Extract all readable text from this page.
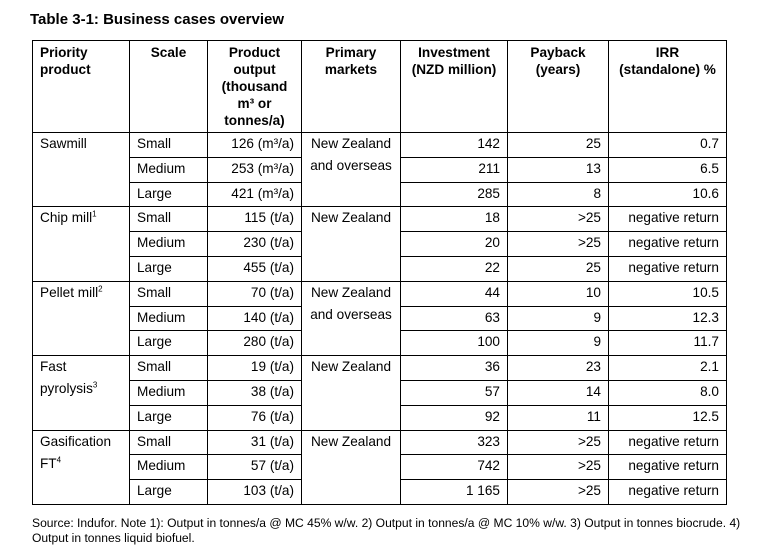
Table 3-1: Business cases overview
Priority product	Scale	Product output (thousand m³ or tonnes/a)	Primary markets	Investment (NZD million)	Payback (years)	IRR (standalone) %
Sawmill	Small	126 (m³/a)	New Zealand and overseas	142	25	0.7
	Medium	253 (m³/a)		211	13	6.5
	Large	421 (m³/a)		285	8	10.6
Chip mill$^1$	Small	115 (t/a)	New Zealand	18	>25	negative return
	Medium	230 (t/a)		20	>25	negative return
	Large	455 (t/a)		22	25	negative return
Pellet mill$^2$	Small	70 (t/a)	New Zealand and overseas	44	10	10.5
	Medium	140 (t/a)		63	9	12.3
	Large	280 (t/a)		100	9	11.7
Fast pyrolysis$^3$	Small	19 (t/a)	New Zealand	36	23	2.1
	Medium	38 (t/a)		57	14	8.0
	Large	76 (t/a)		92	11	12.5
Gasification $FT^4$	Small	31 (t/a)	New Zealand	323	>25	negative return
	Medium	57 (t/a)		742	>25	negative return
	Large	103 (t/a)		1 165	>25	negative return
Source: Indufor. Note 1): Output in tonnes/a @ MC 45% w/w. 2) Output in tonnes/a @ MC 10% w/w. 3) Output in tonnes biocrude. 4) Output in tonnes liquid biofuel.
